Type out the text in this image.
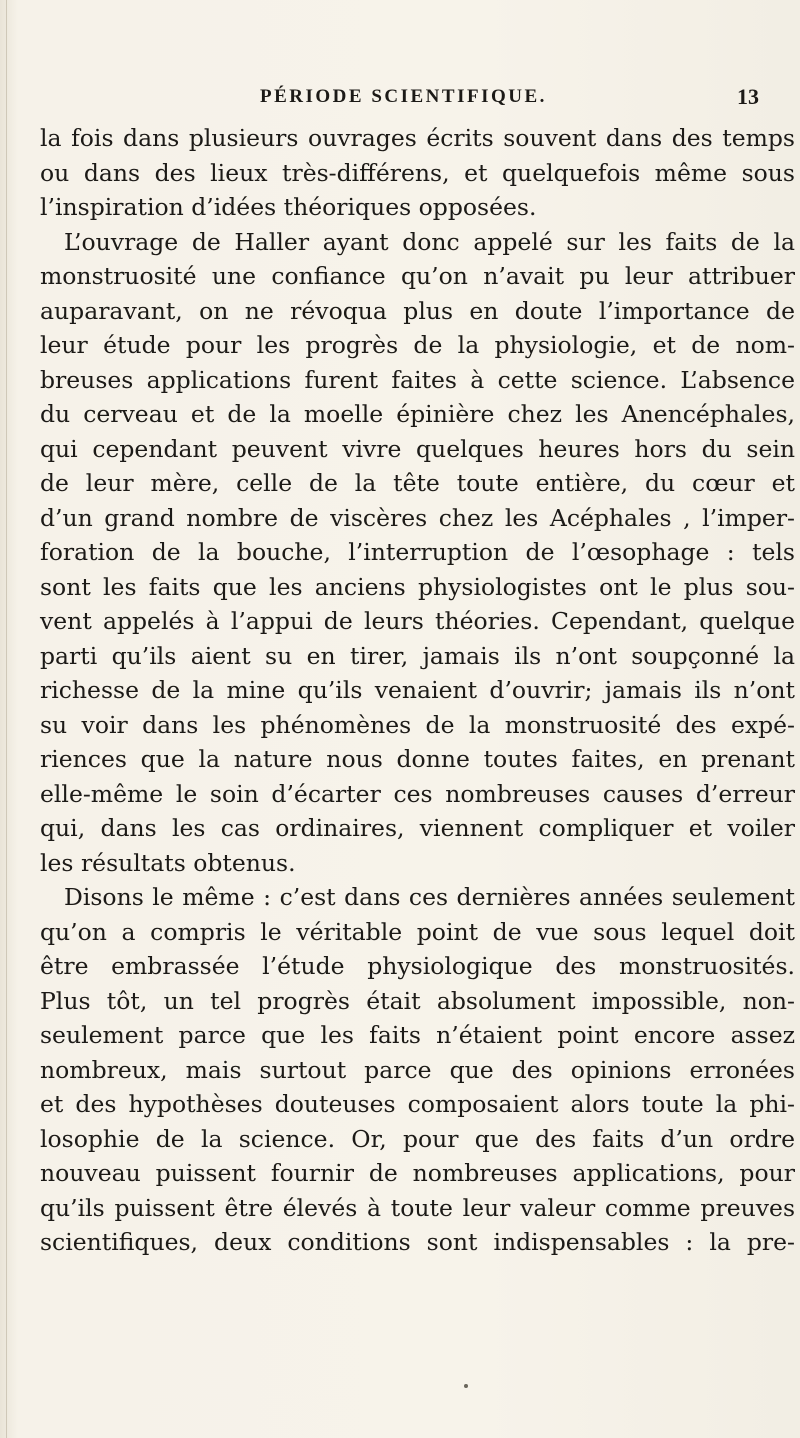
PÉRIODE SCIENTIFIQUE.	13
la fois dans plusieurs ouvrages écrits souvent dans des temps
ou dans des lieux très-différens, et quelquefois même sous
l’inspiration d’idées théoriques opposées.
L’ouvrage de Haller ayant donc appelé sur les faits de la
monstruosité une confiance qu’on n’avait pu leur attribuer
auparavant, on ne révoqua plus en doute l’importance de
leur étude pour les progrès de la physiologie, et de nom-
breuses applications furent faites à cette science. L’absence
du cerveau et de la moelle épinière chez les Anencéphales,
qui cependant peuvent vivre quelques heures hors du sein
de leur mère, celle de la tête toute entière, du cœur et
d’un grand nombre de viscères chez les Acéphales , l’imper-
foration de la bouche, l’interruption de l’œsophage : tels
sont les faits que les anciens physiologistes ont le plus sou-
vent appelés à l’appui de leurs théories. Cependant, quelque
parti qu’ils aient su en tirer, jamais ils n’ont soupçonné la
richesse de la mine qu’ils venaient d’ouvrir; jamais ils n’ont
su voir dans les phénomènes de la monstruosité des expé-
riences que la nature nous donne toutes faites, en prenant
elle-même le soin d’écarter ces nombreuses causes d’erreur
qui, dans les cas ordinaires, viennent compliquer et voiler
les résultats obtenus.
Disons le même : c’est dans ces dernières années seulement
qu’on a compris le véritable point de vue sous lequel doit
être embrassée l’étude physiologique des monstruosités.
Plus tôt, un tel progrès était absolument impossible, non-
seulement parce que les faits n’étaient point encore assez
nombreux, mais surtout parce que des opinions erronées
et des hypothèses douteuses composaient alors toute la phi-
losophie de la science. Or, pour que des faits d’un ordre
nouveau puissent fournir de nombreuses applications, pour
qu’ils puissent être élevés à toute leur valeur comme preuves
scientifiques, deux conditions sont indispensables : la pre-
